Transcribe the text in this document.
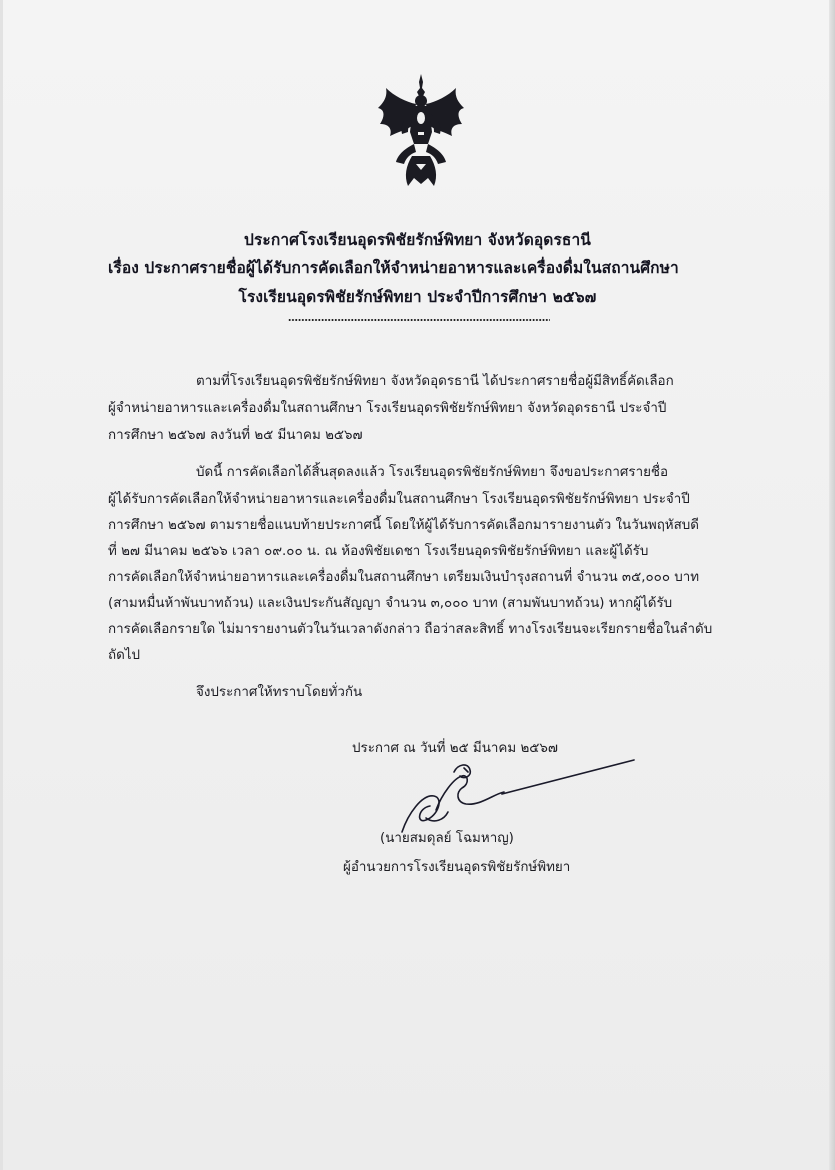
ประกาศโรงเรียนอุดรพิชัยรักษ์พิทยา จังหวัดอุดรธานี
เรื่อง ประกาศรายชื่อผู้ได้รับการคัดเลือกให้จำหน่ายอาหารและเครื่องดื่มในสถานศึกษา
โรงเรียนอุดรพิชัยรักษ์พิทยา ประจำปีการศึกษา ๒๕๖๗
ตามที่โรงเรียนอุดรพิชัยรักษ์พิทยา จังหวัดอุดรธานี ได้ประกาศรายชื่อผู้มีสิทธิ์คัดเลือก
ผู้จำหน่ายอาหารและเครื่องดื่มในสถานศึกษา โรงเรียนอุดรพิชัยรักษ์พิทยา จังหวัดอุดรธานี ประจำปี
การศึกษา ๒๕๖๗ ลงวันที่ ๒๕ มีนาคม ๒๕๖๗
บัดนี้ การคัดเลือกได้สิ้นสุดลงแล้ว โรงเรียนอุดรพิชัยรักษ์พิทยา จึงขอประกาศรายชื่อ
ผู้ได้รับการคัดเลือกให้จำหน่ายอาหารและเครื่องดื่มในสถานศึกษา โรงเรียนอุดรพิชัยรักษ์พิทยา ประจำปี
การศึกษา ๒๕๖๗ ตามรายชื่อแนบท้ายประกาศนี้ โดยให้ผู้ได้รับการคัดเลือกมารายงานตัว ในวันพฤหัสบดี
ที่ ๒๗ มีนาคม ๒๕๖๖ เวลา ๐๙.๐๐ น. ณ ห้องพิชัยเดชา โรงเรียนอุดรพิชัยรักษ์พิทยา และผู้ได้รับ
การคัดเลือกให้จำหน่ายอาหารและเครื่องดื่มในสถานศึกษา เตรียมเงินบำรุงสถานที่ จำนวน ๓๕,๐๐๐ บาท
(สามหมื่นห้าพันบาทถ้วน) และเงินประกันสัญญา จำนวน ๓,๐๐๐ บาท (สามพันบาทถ้วน) หากผู้ได้รับ
การคัดเลือกรายใด ไม่มารายงานตัวในวันเวลาดังกล่าว ถือว่าสละสิทธิ์ ทางโรงเรียนจะเรียกรายชื่อในลำดับ
ถัดไป
จึงประกาศให้ทราบโดยทั่วกัน
ประกาศ ณ วันที่ ๒๕ มีนาคม ๒๕๖๗
(นายสมดุลย์ โฉมหาญ)
ผู้อำนวยการโรงเรียนอุดรพิชัยรักษ์พิทยา
